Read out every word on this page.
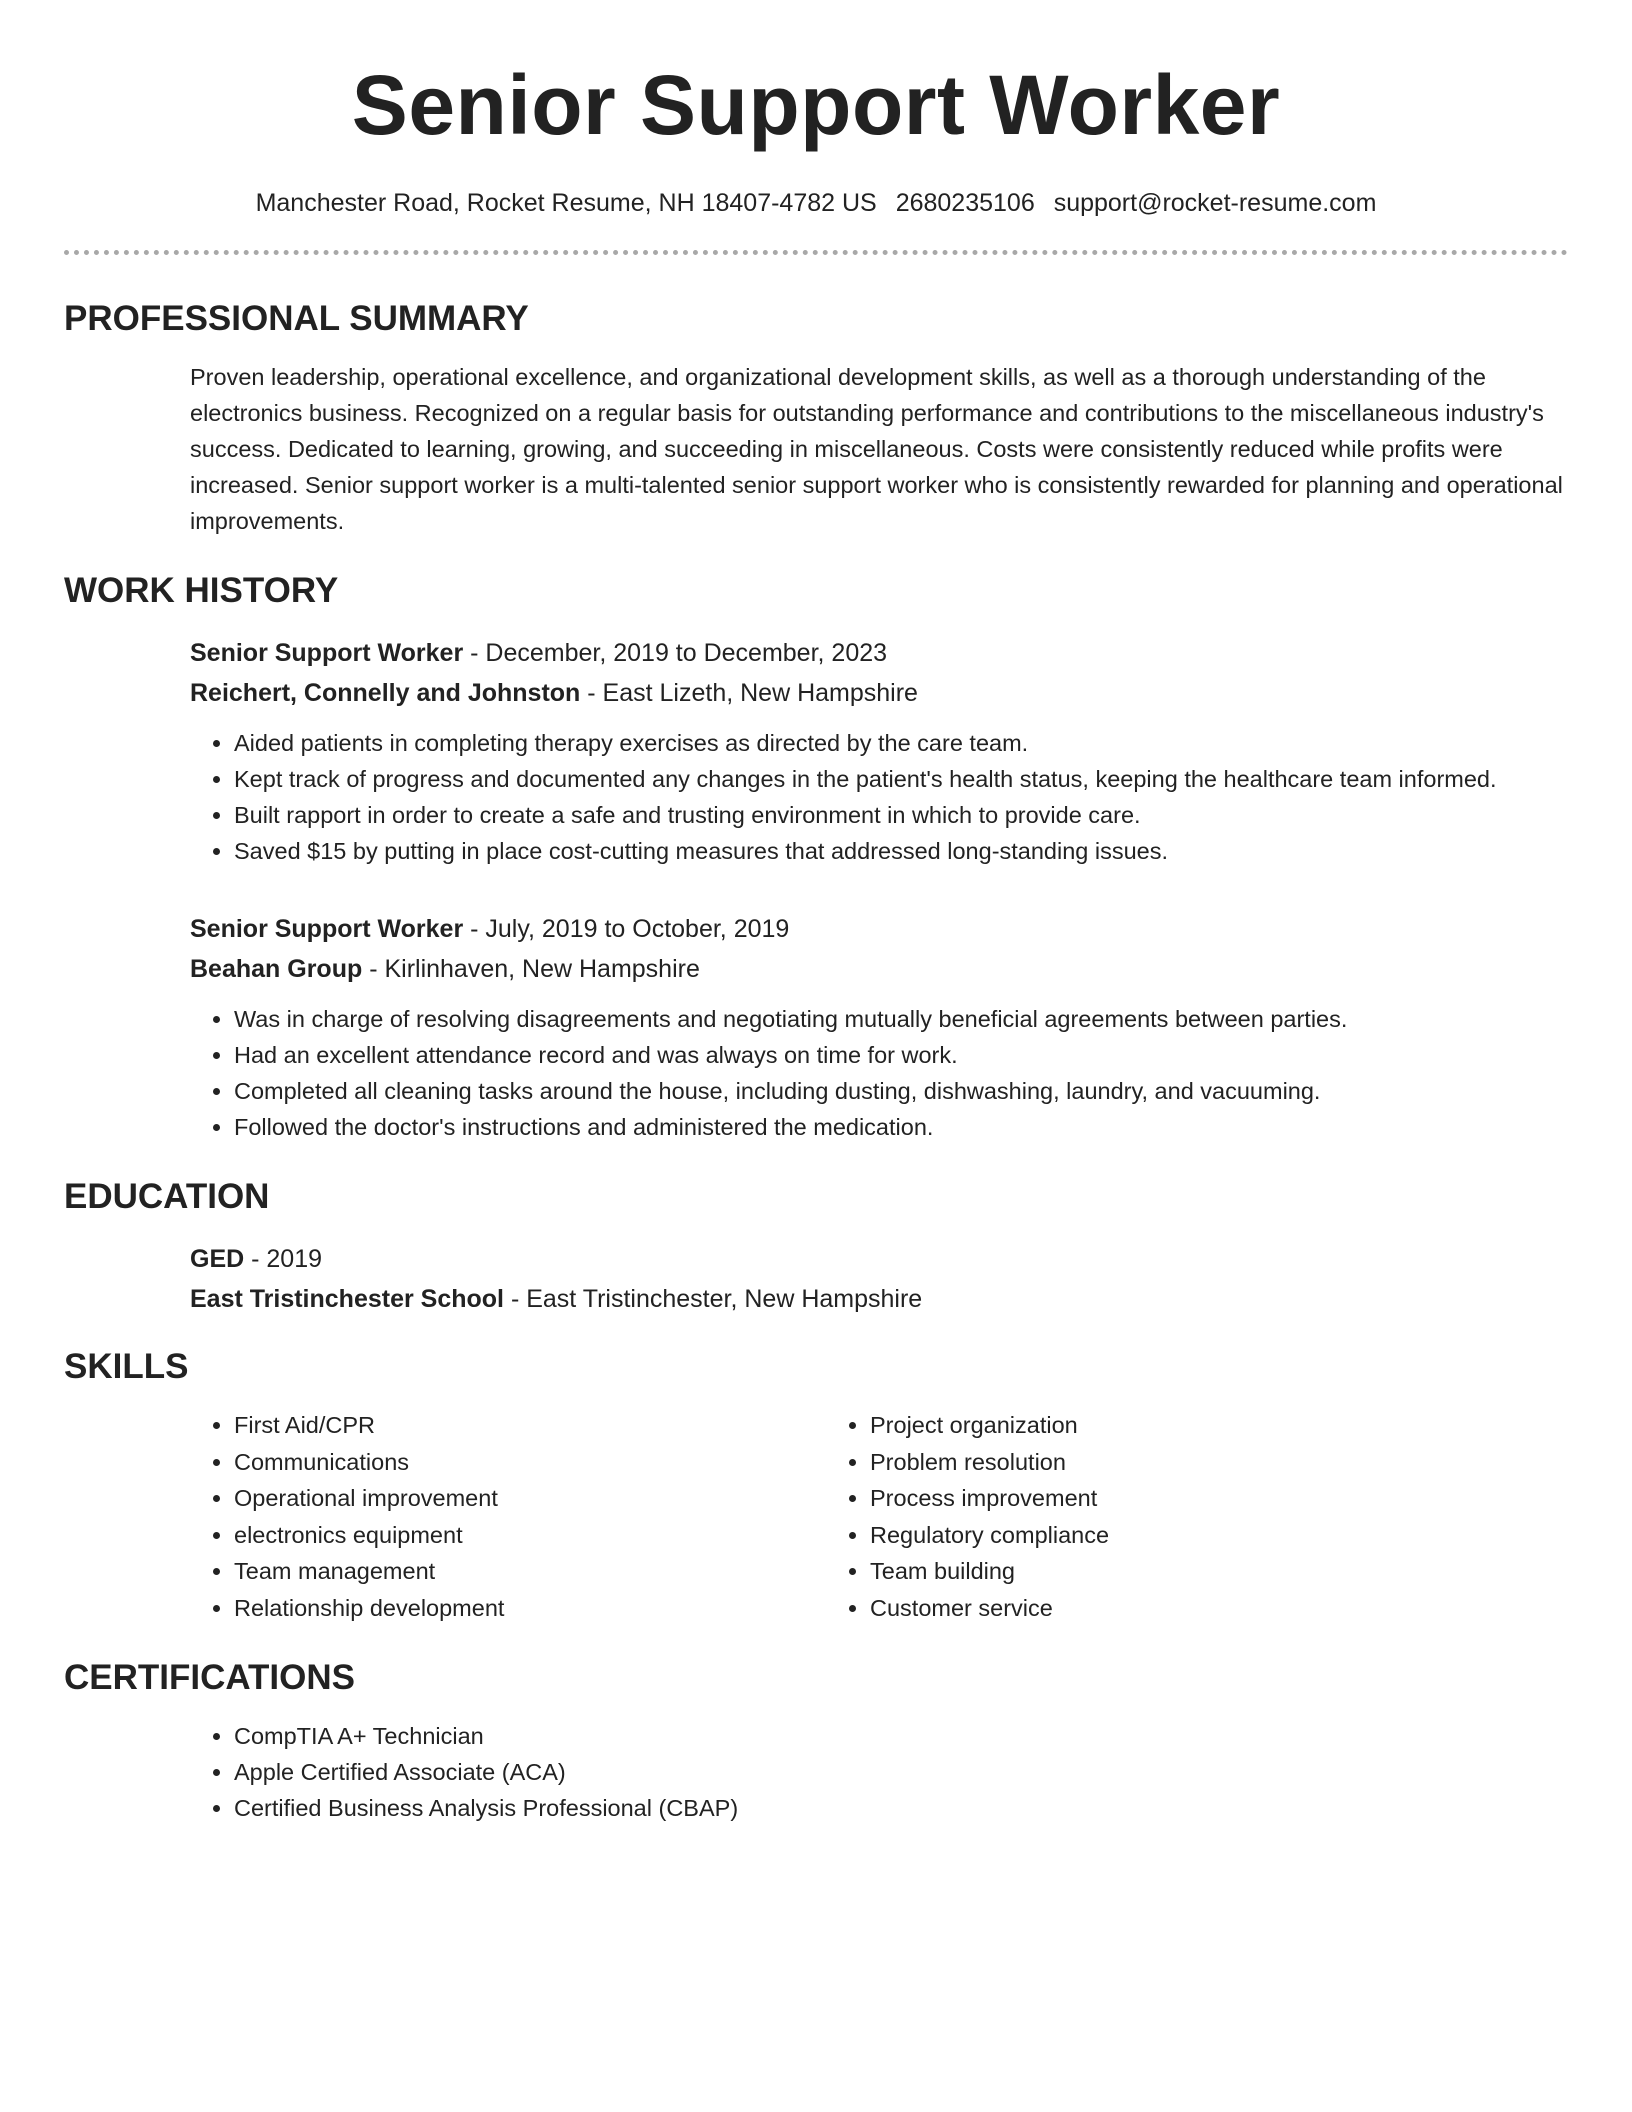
Senior Support Worker
Manchester Road, Rocket Resume, NH 18407-4782 US 2680235106 support@rocket-resume.com
PROFESSIONAL SUMMARY
Proven leadership, operational excellence, and organizational development skills, as well as a thorough understanding of the electronics business. Recognized on a regular basis for outstanding performance and contributions to the miscellaneous industry's success. Dedicated to learning, growing, and succeeding in miscellaneous. Costs were consistently reduced while profits were increased. Senior support worker is a multi-talented senior support worker who is consistently rewarded for planning and operational improvements.
WORK HISTORY
Senior Support Worker - December, 2019 to December, 2023
Reichert, Connelly and Johnston - East Lizeth, New Hampshire
• Aided patients in completing therapy exercises as directed by the care team.
• Kept track of progress and documented any changes in the patient's health status, keeping the healthcare team informed.
• Built rapport in order to create a safe and trusting environment in which to provide care.
• Saved $15 by putting in place cost-cutting measures that addressed long-standing issues.
Senior Support Worker - July, 2019 to October, 2019
Beahan Group - Kirlinhaven, New Hampshire
• Was in charge of resolving disagreements and negotiating mutually beneficial agreements between parties.
• Had an excellent attendance record and was always on time for work.
• Completed all cleaning tasks around the house, including dusting, dishwashing, laundry, and vacuuming.
• Followed the doctor's instructions and administered the medication.
EDUCATION
GED - 2019
East Tristinchester School - East Tristinchester, New Hampshire
SKILLS
• First Aid/CPR
• Communications
• Operational improvement
• electronics equipment
• Team management
• Relationship development
• Project organization
• Problem resolution
• Process improvement
• Regulatory compliance
• Team building
• Customer service
CERTIFICATIONS
• CompTIA A+ Technician
• Apple Certified Associate (ACA)
• Certified Business Analysis Professional (CBAP)
